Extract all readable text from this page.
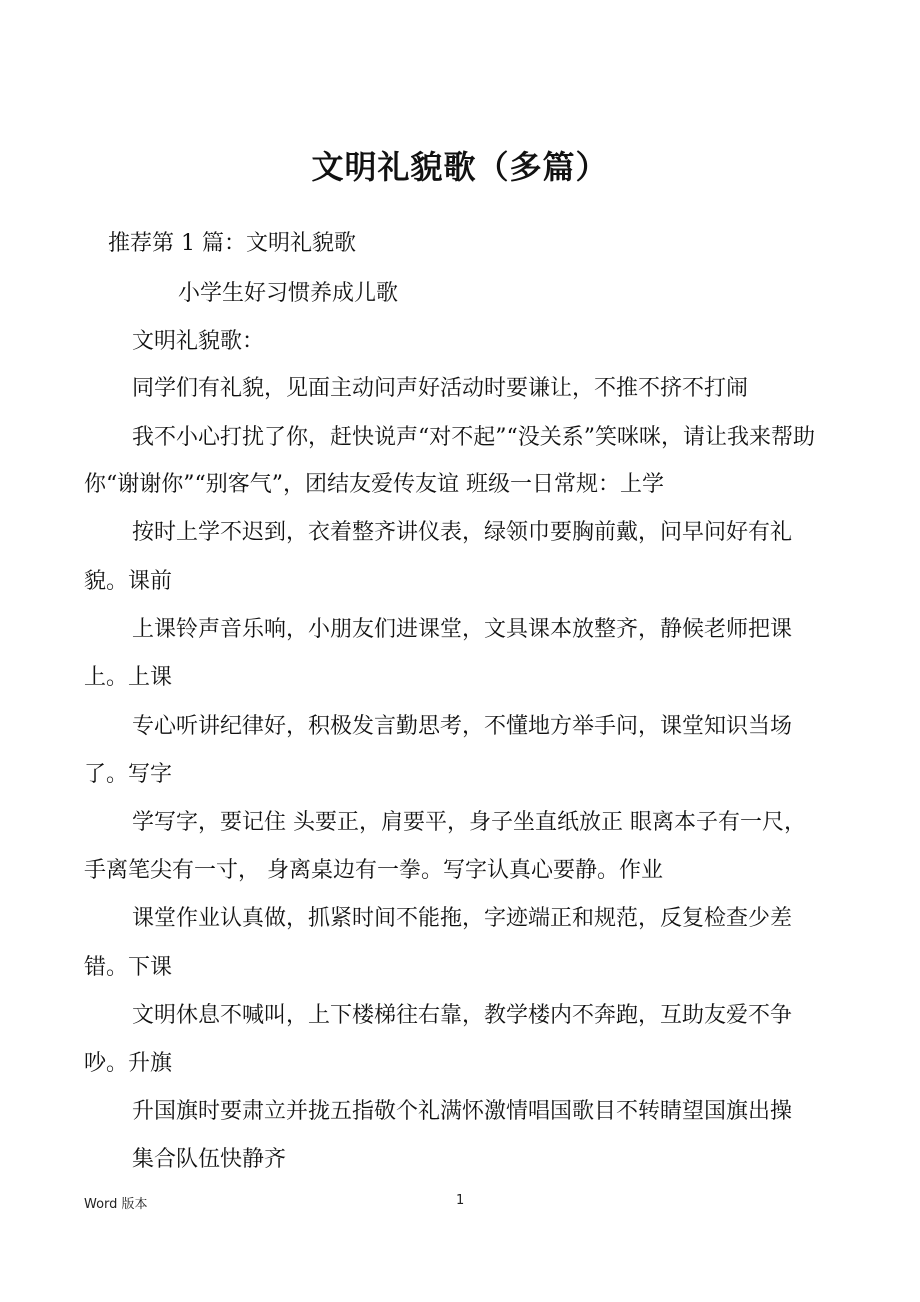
文明礼貌歌（多篇）
推荐第 1 篇：文明礼貌歌
小学生好习惯养成儿歌
文明礼貌歌：
同学们有礼貌，见面主动问声好活动时要谦让，不推不挤不打闹
我不小心打扰了你，赶快说声“对不起”“没关系”笑咪咪，请让我来帮助
你“谢谢你”“别客气”，团结友爱传友谊 班级一日常规：上学
按时上学不迟到，衣着整齐讲仪表，绿领巾要胸前戴，问早问好有礼
貌。课前
上课铃声音乐响，小朋友们进课堂，文具课本放整齐，静候老师把课
上。上课
专心听讲纪律好，积极发言勤思考，不懂地方举手问，课堂知识当场
了。写字
学写字，要记住 头要正，肩要平，身子坐直纸放正 眼离本子有一尺，
手离笔尖有一寸， 身离桌边有一拳。写字认真心要静。作业
课堂作业认真做，抓紧时间不能拖，字迹端正和规范，反复检查少差
错。下课
文明休息不喊叫，上下楼梯往右靠，教学楼内不奔跑，互助友爱不争
吵。升旗
升国旗时要肃立并拢五指敬个礼满怀激情唱国歌目不转睛望国旗出操
集合队伍快静齐
Word 版本	1
